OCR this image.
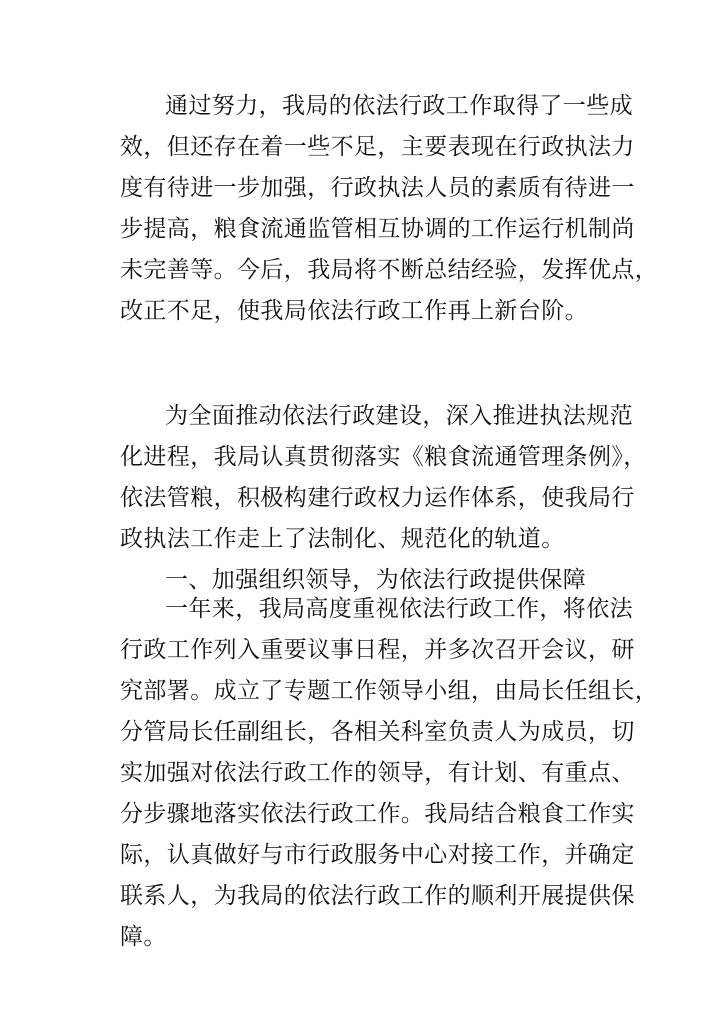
通过努力，我局的依法行政工作取得了一些成
效，但还存在着一些不足，主要表现在行政执法力
度有待进一步加强，行政执法人员的素质有待进一
步提高，粮食流通监管相互协调的工作运行机制尚
未完善等。今后，我局将不断总结经验，发挥优点，
改正不足，使我局依法行政工作再上新台阶。
为全面推动依法行政建设，深入推进执法规范
化进程，我局认真贯彻落实《粮食流通管理条例》，
依法管粮，积极构建行政权力运作体系，使我局行
政执法工作走上了法制化、规范化的轨道。
一、加强组织领导，为依法行政提供保障
一年来，我局高度重视依法行政工作，将依法
行政工作列入重要议事日程，并多次召开会议，研
究部署。成立了专题工作领导小组，由局长任组长，
分管局长任副组长，各相关科室负责人为成员，切
实加强对依法行政工作的领导，有计划、有重点、
分步骤地落实依法行政工作。我局结合粮食工作实
际，认真做好与市行政服务中心对接工作，并确定
联系人，为我局的依法行政工作的顺利开展提供保
障。
